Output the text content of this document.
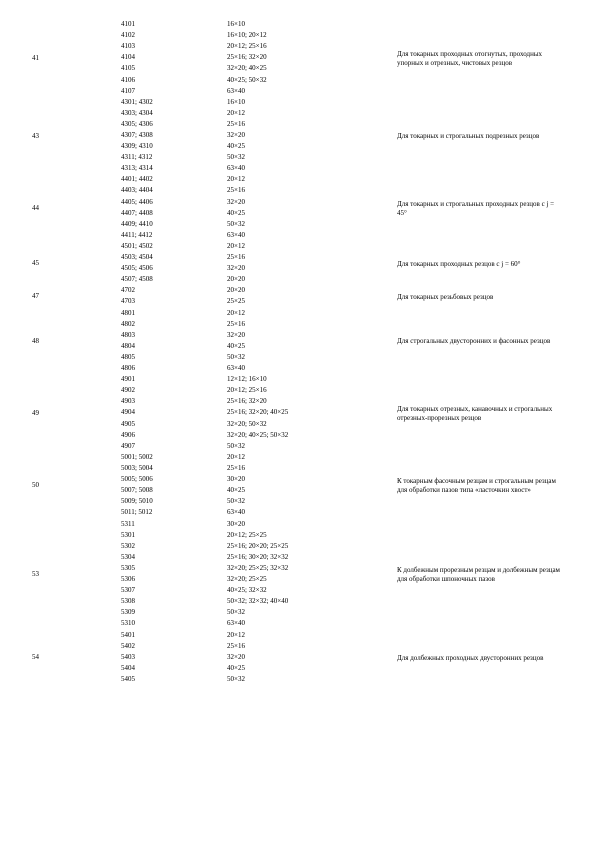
4101	16×10
4102	16×10; 20×12
4103	20×12; 25×16
4104	25×16; 32×20
4105	32×20; 40×25
4106	40×25; 50×32
4107	63×40
41	Для токарных проходных отогнутых, проходных упорных и отрезных, чистовых резцов
4301; 4302	16×10
4303; 4304	20×12
4305; 4306	25×16
4307; 4308	32×20
4309; 4310	40×25
4311; 4312	50×32
4313; 4314	63×40
43	Для токарных и строгальных подрезных резцов
4401; 4402	20×12
4403; 4404	25×16
4405; 4406	32×20
4407; 4408	40×25
4409; 4410	50×32
4411; 4412	63×40
44	Для токарных и строгальных проходных резцов с j = 45°
4501; 4502	20×12
4503; 4504	25×16
4505; 4506	32×20
4507; 4508	20×20
45	Для токарных проходных резцов с j = 60°
4702	20×20
4703	25×25
47	Для токарных резьбовых резцов
4801	20×12
4802	25×16
4803	32×20
4804	40×25
4805	50×32
4806	63×40
48	Для строгальных двусторонних и фасонных резцов
4901	12×12; 16×10
4902	20×12; 25×16
4903	25×16; 32×20
4904	25×16; 32×20; 40×25
4905	32×20; 50×32
4906	32×20; 40×25; 50×32
4907	50×32
49	Для токарных отрезных, канавочных и строгальных отрезных-прорезных резцов
5001; 5002	20×12
5003; 5004	25×16
5005; 5006	30×20
5007; 5008	40×25
5009; 5010	50×32
5011; 5012	63×40
50	К токарным фасочным резцам и строгальным резцам для обработки пазов типа «ласточкин хвост»
5311	30×20
5301	20×12; 25×25
5302	25×16; 20×20; 25×25
5304	25×16; 30×20; 32×32
5305	32×20; 25×25; 32×32
5306	32×20; 25×25
5307	40×25; 32×32
5308	50×32; 32×32; 40×40
5309	50×32
5310	63×40
53	К долбежным прорезным резцам и долбежным резцам для обработки шпоночных пазов
5401	20×12
5402	25×16
5403	32×20
5404	40×25
5405	50×32
54	Для долбежных проходных двусторонних резцов
